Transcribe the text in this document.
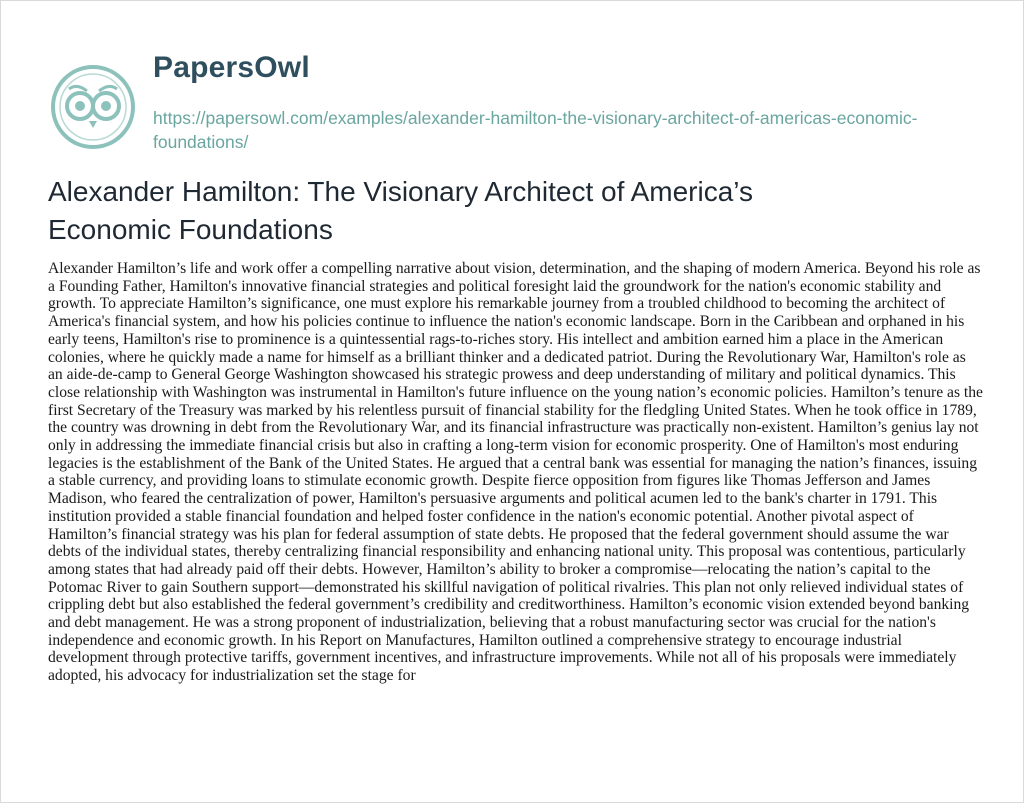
PapersOwl
https://papersowl.com/examples/alexander-hamilton-the-visionary-architect-of-americas-economic-foundations/
Alexander Hamilton: The Visionary Architect of America’s Economic Foundations

Alexander Hamilton’s life and work offer a compelling narrative about vision, determination, and the shaping of modern America. Beyond his role as a Founding Father, Hamilton's innovative financial strategies and political foresight laid the groundwork for the nation's economic stability and growth. To appreciate Hamilton’s significance, one must explore his remarkable journey from a troubled childhood to becoming the architect of America's financial system, and how his policies continue to influence the nation's economic landscape. Born in the Caribbean and orphaned in his early teens, Hamilton's rise to prominence is a quintessential rags-to-riches story. His intellect and ambition earned him a place in the American colonies, where he quickly made a name for himself as a brilliant thinker and a dedicated patriot. During the Revolutionary War, Hamilton's role as an aide-de-camp to General George Washington showcased his strategic prowess and deep understanding of military and political dynamics. This close relationship with Washington was instrumental in Hamilton's future influence on the young nation’s economic policies. Hamilton’s tenure as the first Secretary of the Treasury was marked by his relentless pursuit of financial stability for the fledgling United States. When he took office in 1789, the country was drowning in debt from the Revolutionary War, and its financial infrastructure was practically non-existent. Hamilton’s genius lay not only in addressing the immediate financial crisis but also in crafting a long-term vision for economic prosperity. One of Hamilton's most enduring legacies is the establishment of the Bank of the United States. He argued that a central bank was essential for managing the nation’s finances, issuing a stable currency, and providing loans to stimulate economic growth. Despite fierce opposition from figures like Thomas Jefferson and James Madison, who feared the centralization of power, Hamilton's persuasive arguments and political acumen led to the bank's charter in 1791. This institution provided a stable financial foundation and helped foster confidence in the nation's economic potential. Another pivotal aspect of Hamilton’s financial strategy was his plan for federal assumption of state debts. He proposed that the federal government should assume the war debts of the individual states, thereby centralizing financial responsibility and enhancing national unity. This proposal was contentious, particularly among states that had already paid off their debts. However, Hamilton’s ability to broker a compromise—relocating the nation’s capital to the Potomac River to gain Southern support—demonstrated his skillful navigation of political rivalries. This plan not only relieved individual states of crippling debt but also established the federal government’s credibility and creditworthiness. Hamilton’s economic vision extended beyond banking and debt management. He was a strong proponent of industrialization, believing that a robust manufacturing sector was crucial for the nation's independence and economic growth. In his Report on Manufactures, Hamilton outlined a comprehensive strategy to encourage industrial development through protective tariffs, government incentives, and infrastructure improvements. While not all of his proposals were immediately adopted, his advocacy for industrialization set the stage for
